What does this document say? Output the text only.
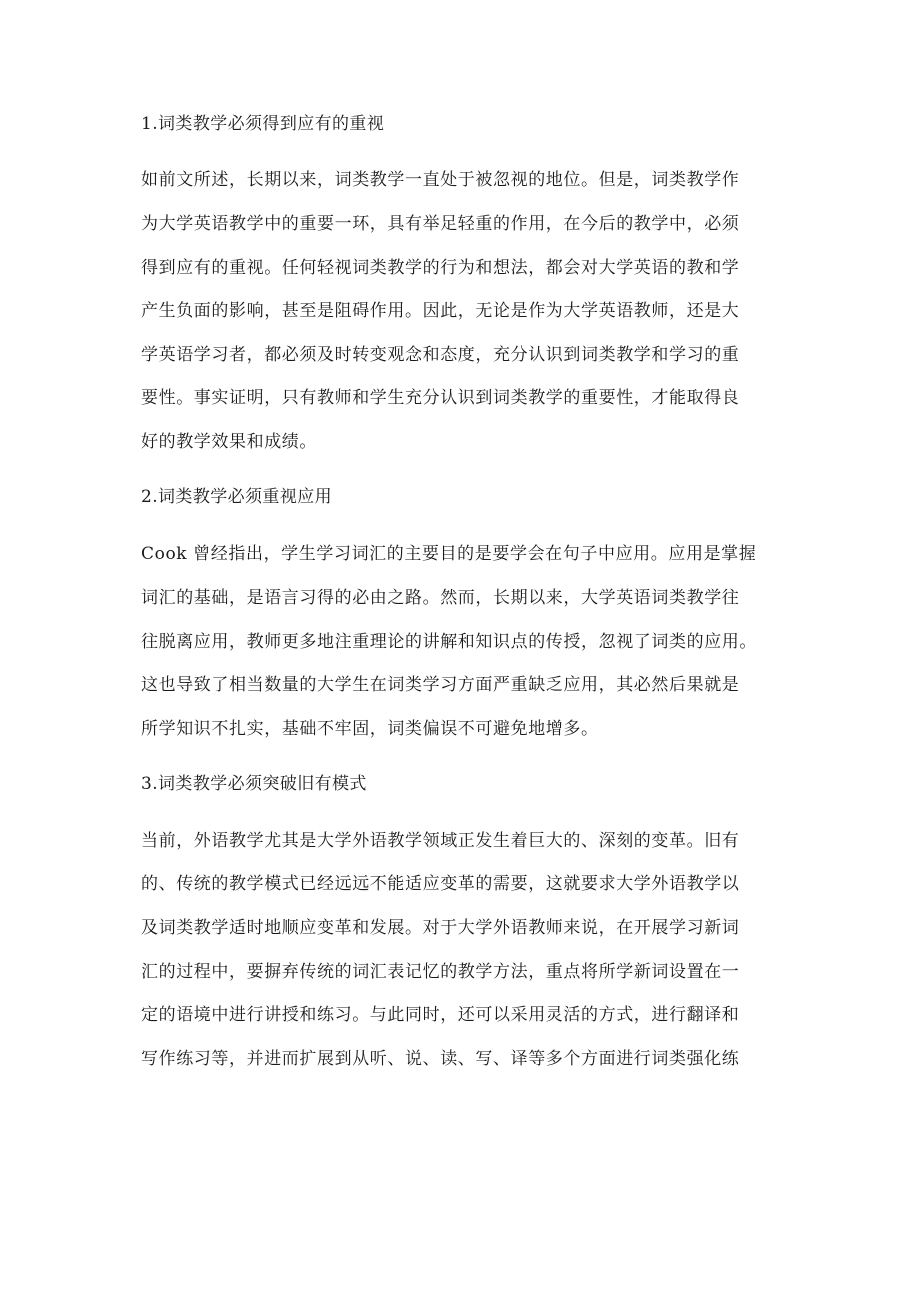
1.词类教学必须得到应有的重视
如前文所述，长期以来，词类教学一直处于被忽视的地位。但是，词类教学作
为大学英语教学中的重要一环，具有举足轻重的作用，在今后的教学中，必须
得到应有的重视。任何轻视词类教学的行为和想法，都会对大学英语的教和学
产生负面的影响，甚至是阻碍作用。因此，无论是作为大学英语教师，还是大
学英语学习者，都必须及时转变观念和态度，充分认识到词类教学和学习的重
要性。事实证明，只有教师和学生充分认识到词类教学的重要性，才能取得良
好的教学效果和成绩。
2.词类教学必须重视应用
Cook 曾经指出，学生学习词汇的主要目的是要学会在句子中应用。应用是掌握
词汇的基础，是语言习得的必由之路。然而，长期以来，大学英语词类教学往
往脱离应用，教师更多地注重理论的讲解和知识点的传授，忽视了词类的应用。
这也导致了相当数量的大学生在词类学习方面严重缺乏应用，其必然后果就是
所学知识不扎实，基础不牢固，词类偏误不可避免地增多。
3.词类教学必须突破旧有模式
当前，外语教学尤其是大学外语教学领域正发生着巨大的、深刻的变革。旧有
的、传统的教学模式已经远远不能适应变革的需要，这就要求大学外语教学以
及词类教学适时地顺应变革和发展。对于大学外语教师来说，在开展学习新词
汇的过程中，要摒弃传统的词汇表记忆的教学方法，重点将所学新词设置在一
定的语境中进行讲授和练习。与此同时，还可以采用灵活的方式，进行翻译和
写作练习等，并进而扩展到从听、说、读、写、译等多个方面进行词类强化练
